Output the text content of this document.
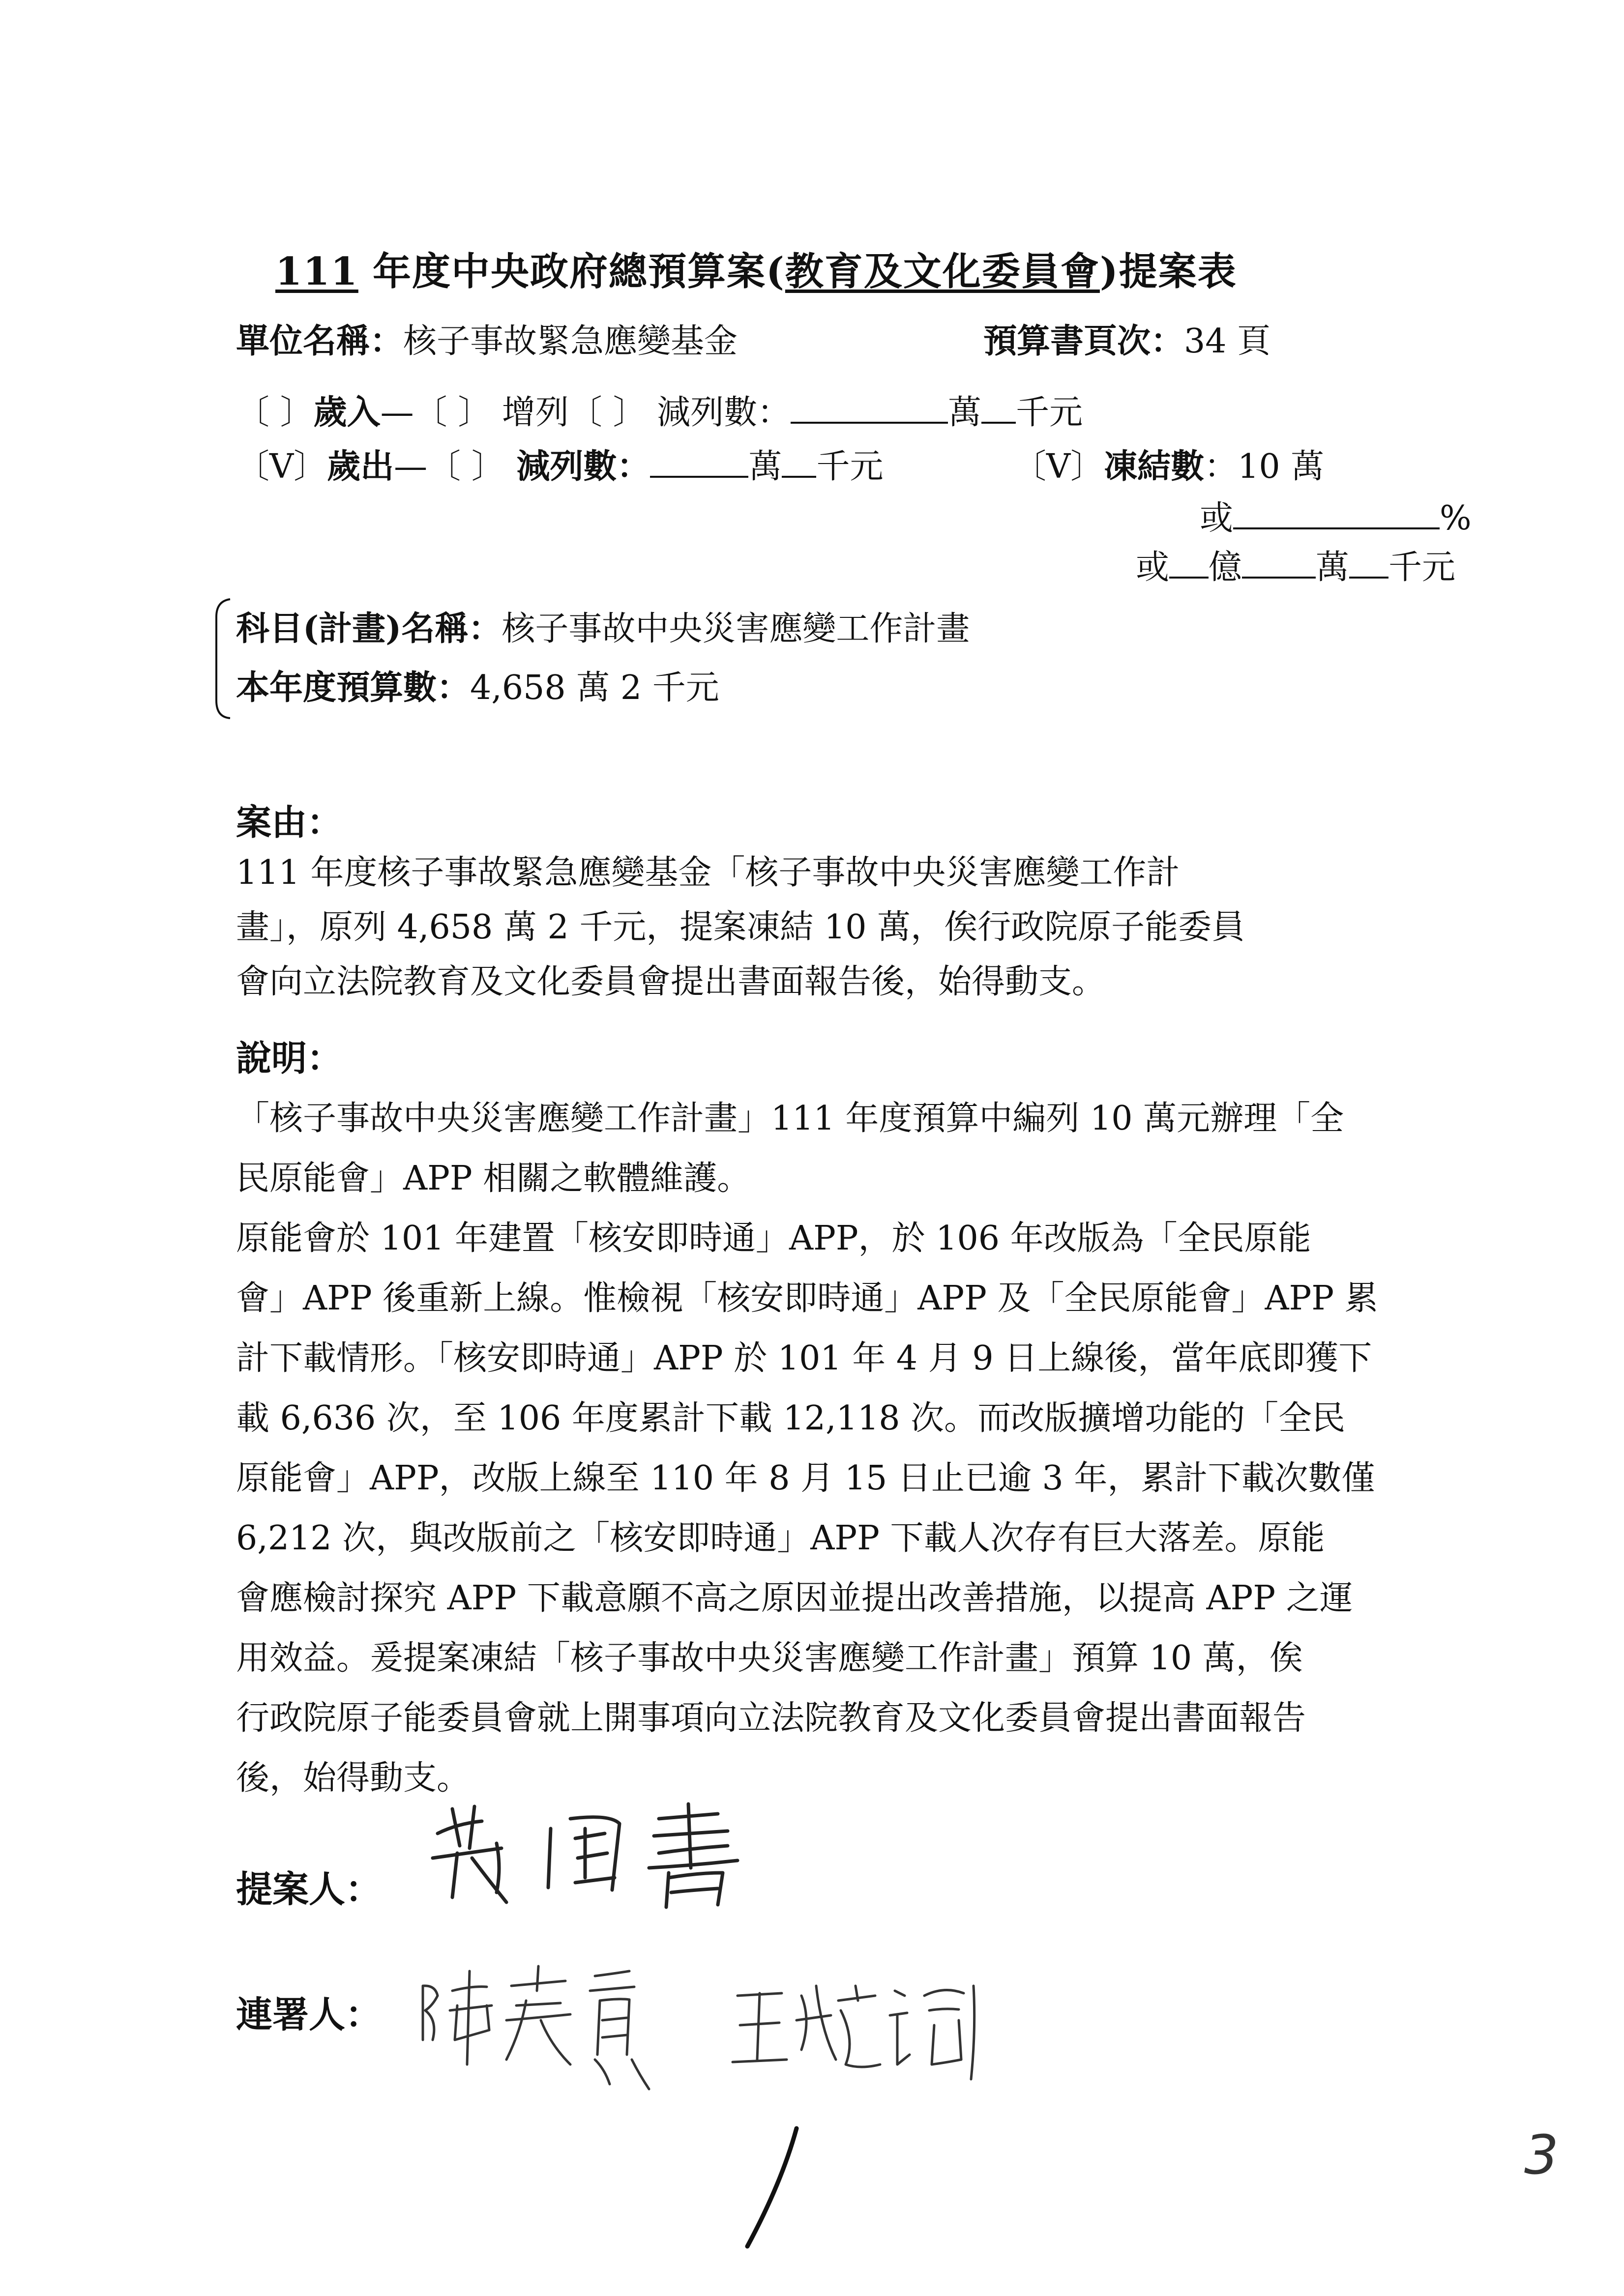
111 年度中央政府總預算案(教育及文化委員會)提案表
單位名稱：核子事故緊急應變基金	預算書頁次：34 頁
〔 〕歲入—〔 〕 增列〔 〕 減列數：	萬 千元
〔V〕歲出—〔 〕 減列數：	萬 千元	〔V〕凍結數：10 萬
或	%
或 億 萬 千元
科目(計畫)名稱：核子事故中央災害應變工作計畫
本年度預算數：4,658 萬 2 千元
案由：
111 年度核子事故緊急應變基金「核子事故中央災害應變工作計
畫」，原列 4,658 萬 2 千元，提案凍結 10 萬，俟行政院原子能委員
會向立法院教育及文化委員會提出書面報告後，始得動支。
說明：
「核子事故中央災害應變工作計畫」111 年度預算中編列 10 萬元辦理「全
民原能會」APP 相關之軟體維護。
原能會於 101 年建置「核安即時通」APP，於 106 年改版為「全民原能
會」APP 後重新上線。惟檢視「核安即時通」APP 及「全民原能會」APP 累
計下載情形。「核安即時通」APP 於 101 年 4 月 9 日上線後，當年底即獲下
載 6,636 次，至 106 年度累計下載 12,118 次。而改版擴增功能的「全民
原能會」APP，改版上線至 110 年 8 月 15 日止已逾 3 年，累計下載次數僅
6,212 次，與改版前之「核安即時通」APP 下載人次存有巨大落差。原能
會應檢討探究 APP 下載意願不高之原因並提出改善措施，以提高 APP 之運
用效益。爰提案凍結「核子事故中央災害應變工作計畫」預算 10 萬，俟
行政院原子能委員會就上開事項向立法院教育及文化委員會提出書面報告
後，始得動支。
提案人：
連署人：
3
